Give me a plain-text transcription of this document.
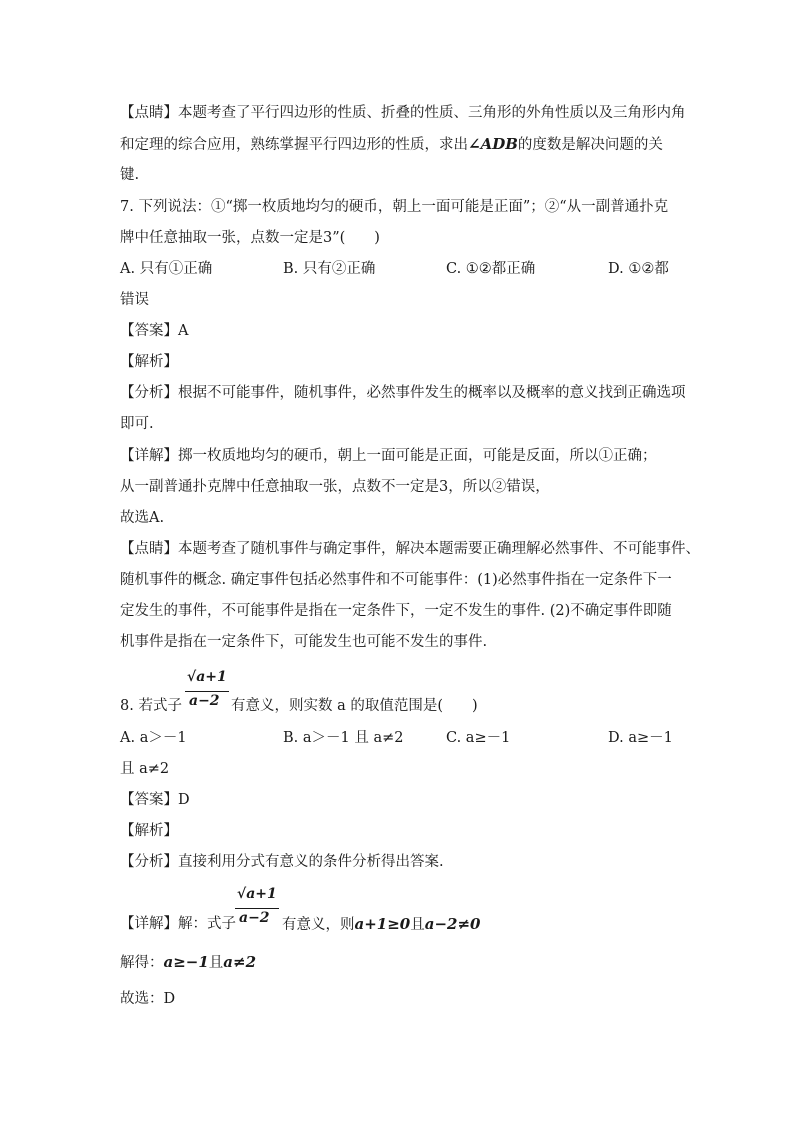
【点睛】本题考查了平行四边形的性质、折叠的性质、三角形的外角性质以及三角形内角
和定理的综合应用，熟练掌握平行四边形的性质，求出∠ADB的度数是解决问题的关
键.
7. 下列说法：①“掷一枚质地均匀的硬币，朝上一面可能是正面”；②“从一副普通扑克
牌中任意抽取一张，点数一定是3”(　　)
A. 只有①正确	B. 只有②正确	C. ①②都正确	D. ①②都
错误
【答案】A
【解析】
【分析】根据不可能事件，随机事件，必然事件发生的概率以及概率的意义找到正确选项
即可.
【详解】掷一枚质地均匀的硬币，朝上一面可能是正面，可能是反面，所以①正确；
从一副普通扑克牌中任意抽取一张，点数不一定是3，所以②错误，
故选A.
【点睛】本题考查了随机事件与确定事件，解决本题需要正确理解必然事件、不可能事件、
随机事件的概念. 确定事件包括必然事件和不可能事件：(1)必然事件指在一定条件下一
定发生的事件，不可能事件是指在一定条件下，一定不发生的事件. (2)不确定事件即随
机事件是指在一定条件下，可能发生也可能不发生的事件.
8. 若式子
√a+1
a−2 有意义，则实数 a 的取值范围是(　　)
A. a＞－1	B. a＞－1 且 a≠2	C. a≥－1	D. a≥－1
且 a≠2
【答案】D
【解析】
【分析】直接利用分式有意义的条件分析得出答案.
【详解】解：式子
√a+1
a−2 有意义，则a+1≥0且a−2≠0
解得：a≥−1且a≠2
故选：D
